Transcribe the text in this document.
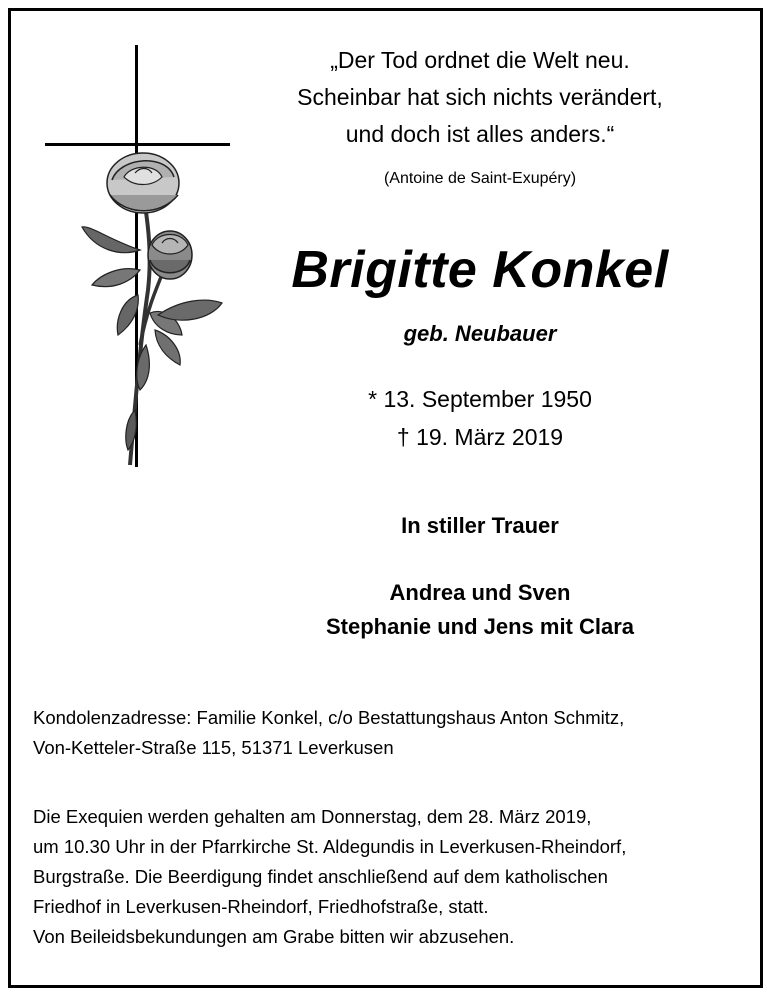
„Der Tod ordnet die Welt neu.
Scheinbar hat sich nichts verändert,
und doch ist alles anders.“
(Antoine de Saint-Exupéry)
Brigitte Konkel
geb. Neubauer
* 13. September 1950
† 19. März 2019
In stiller Trauer
Andrea und Sven
Stephanie und Jens mit Clara
Kondolenzadresse: Familie Konkel, c/o Bestattungshaus Anton Schmitz,
Von-Ketteler-Straße 115, 51371 Leverkusen
Die Exequien werden gehalten am Donnerstag, dem 28. März 2019,
um 10.30 Uhr in der Pfarrkirche St. Aldegundis in Leverkusen-Rheindorf,
Burgstraße. Die Beerdigung findet anschließend auf dem katholischen
Friedhof in Leverkusen-Rheindorf, Friedhofstraße, statt.
Von Beileidsbekundungen am Grabe bitten wir abzusehen.
